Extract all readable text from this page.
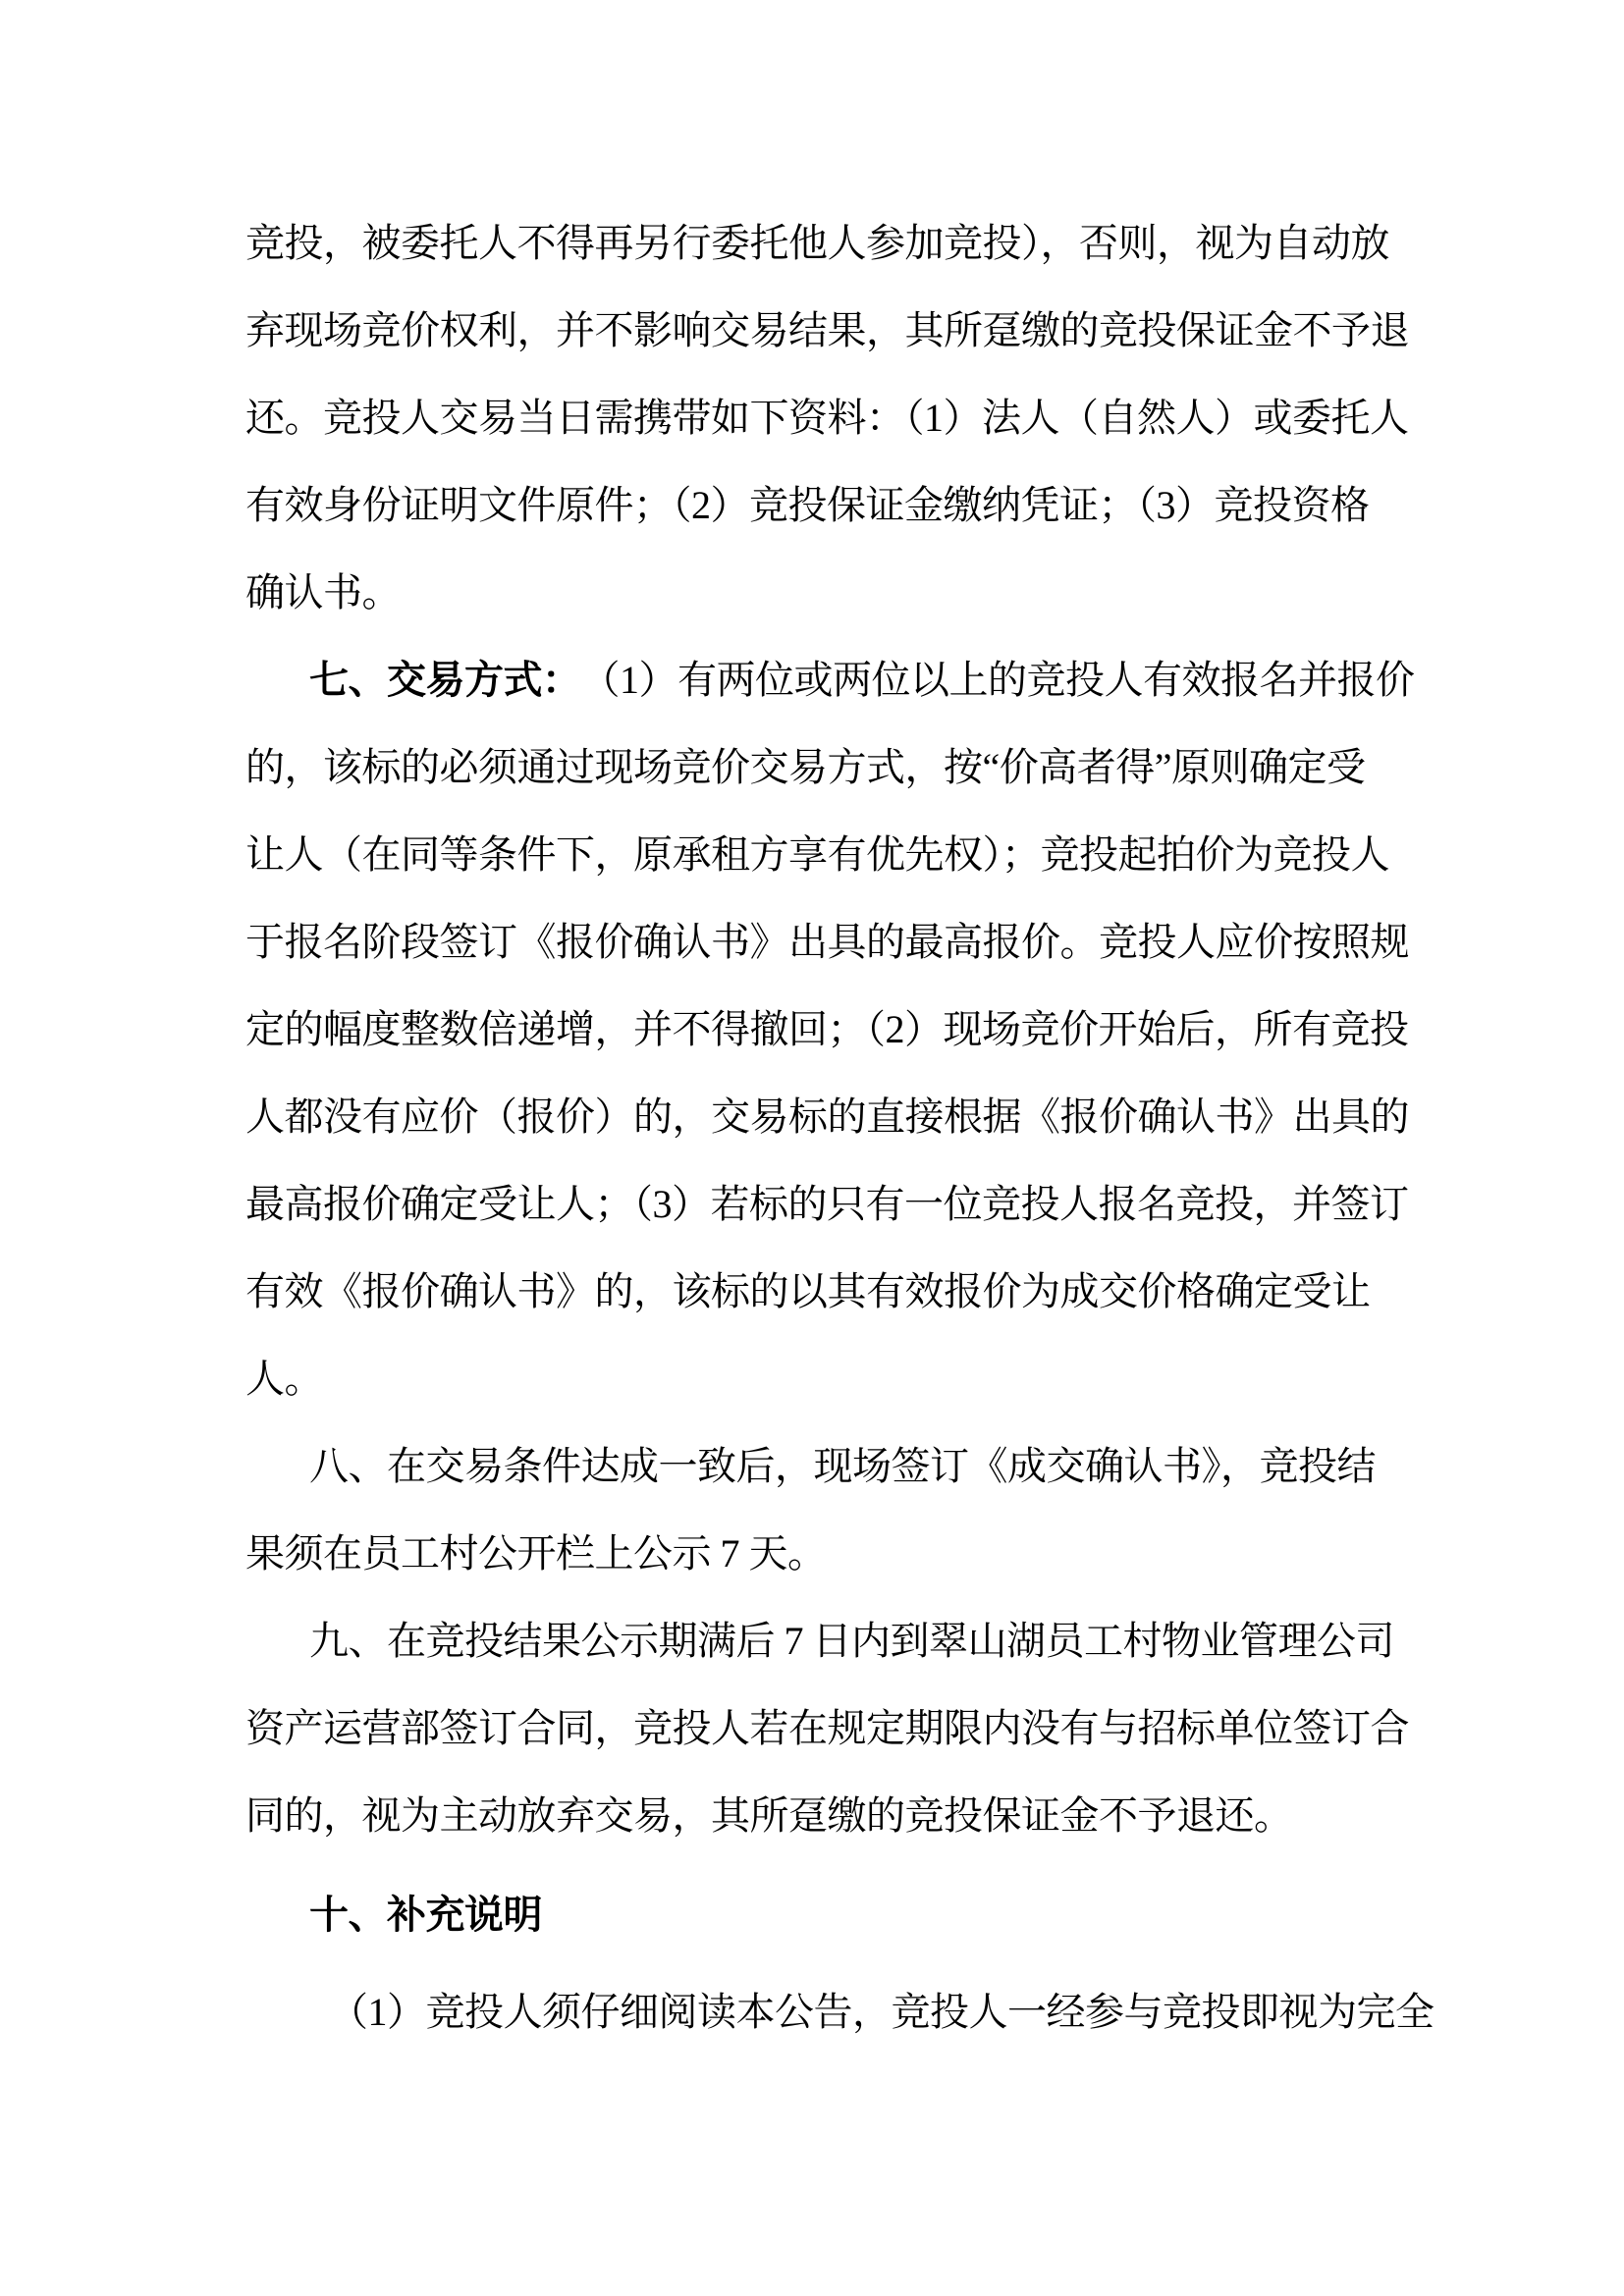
竞投，被委托人不得再另行委托他人参加竞投），否则，视为自动放
弃现场竞价权利，并不影响交易结果，其所趸缴的竞投保证金不予退
还。竞投人交易当日需携带如下资料：（1）法人（自然人）或委托人
有效身份证明文件原件；（2）竞投保证金缴纳凭证；（3）竞投资格
确认书。
七、交易方式： （1）有两位或两位以上的竞投人有效报名并报价
的，该标的必须通过现场竞价交易方式，按“价高者得”原则确定受
让人（在同等条件下，原承租方享有优先权）；竞投起拍价为竞投人
于报名阶段签订《报价确认书》出具的最高报价。竞投人应价按照规
定的幅度整数倍递增，并不得撤回；（2）现场竞价开始后，所有竞投
人都没有应价（报价）的，交易标的直接根据《报价确认书》出具的
最高报价确定受让人；（3）若标的只有一位竞投人报名竞投，并签订
有效《报价确认书》的，该标的以其有效报价为成交价格确定受让
人。
八、在交易条件达成一致后，现场签订《成交确认书》，竞投结
果须在员工村公开栏上公示 7 天。
九、在竞投结果公示期满后 7 日内到翠山湖员工村物业管理公司
资产运营部签订合同，竞投人若在规定期限内没有与招标单位签订合
同的，视为主动放弃交易，其所趸缴的竞投保证金不予退还。
十、补充说明
（1）竞投人须仔细阅读本公告，竞投人一经参与竞投即视为完全
